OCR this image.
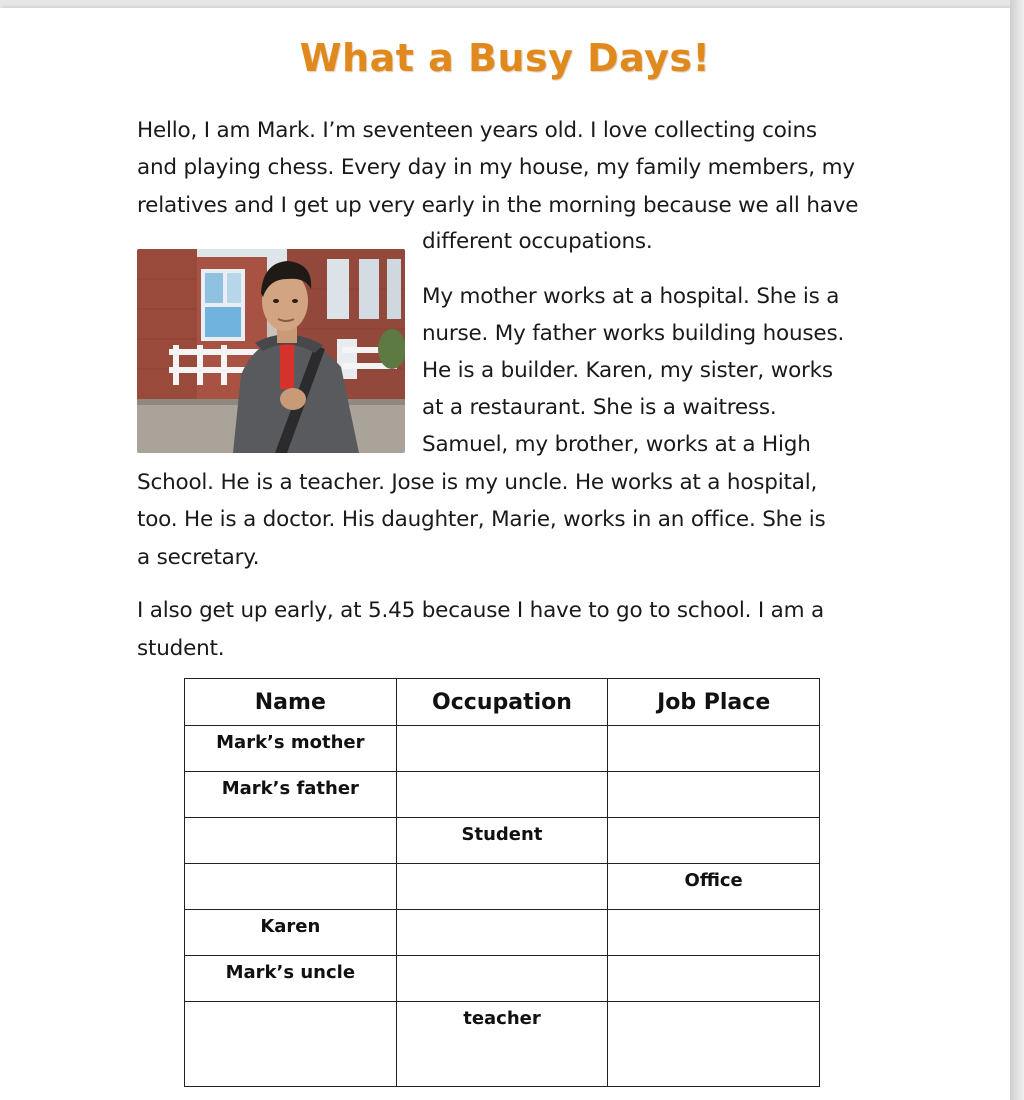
What a Busy Days!
Hello, I am Mark. I’m seventeen years old. I love collecting coins
and playing chess. Every day in my house, my family members, my
relatives and I get up very early in the morning because we all have
different occupations.
My mother works at a hospital. She is a
nurse. My father works building houses.
He is a builder. Karen, my sister, works
at a restaurant. She is a waitress.
Samuel, my brother, works at a High
School. He is a teacher. Jose is my uncle. He works at a hospital,
too. He is a doctor. His daughter, Marie, works in an office. She is
a secretary.
I also get up early, at 5.45 because I have to go to school. I am a
student.
Name	Occupation	Job Place
Mark’s mother		
Mark’s father		
	Student	
		Office
Karen		
Mark’s uncle		
	teacher	
